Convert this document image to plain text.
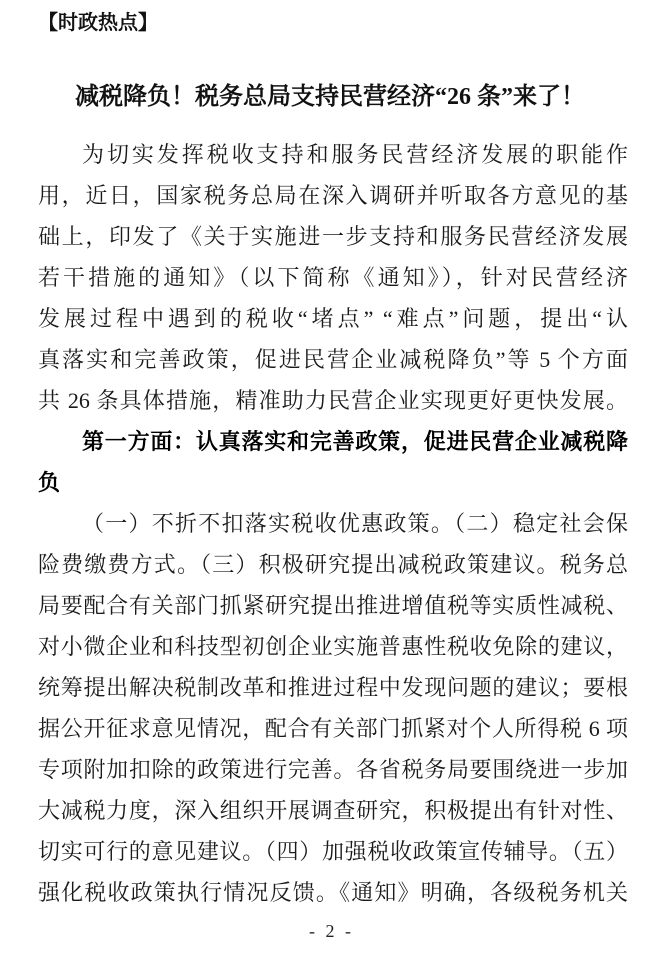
【时政热点】
减税降负！税务总局支持民营经济“26 条”来了！

为切实发挥税收支持和服务民营经济发展的职能作

用，近日，国家税务总局在深入调研并听取各方意见的基

础上，印发了《关于实施进一步支持和服务民营经济发展

若干措施的通知》（以下简称《通知》），针对民营经济

发展过程中遇到的税收“堵点” “难点”问题，提出“认

真落实和完善政策，促进民营企业减税降负”等 5 个方面

共 26 条具体措施，精准助力民营企业实现更好更快发展。

第一方面：认真落实和完善政策，促进民营企业减税降

负

（一）不折不扣落实税收优惠政策。（二）稳定社会保

险费缴费方式。（三）积极研究提出减税政策建议。税务总

局要配合有关部门抓紧研究提出推进增值税等实质性减税、

对小微企业和科技型初创企业实施普惠性税收免除的建议，

统筹提出解决税制改革和推进过程中发现问题的建议；要根

据公开征求意见情况，配合有关部门抓紧对个人所得税 6 项

专项附加扣除的政策进行完善。各省税务局要围绕进一步加

大减税力度，深入组织开展调查研究，积极提出有针对性、

切实可行的意见建议。（四）加强税收政策宣传辅导。（五）

强化税收政策执行情况反馈。《通知》明确，各级税务机关

- 2 -
